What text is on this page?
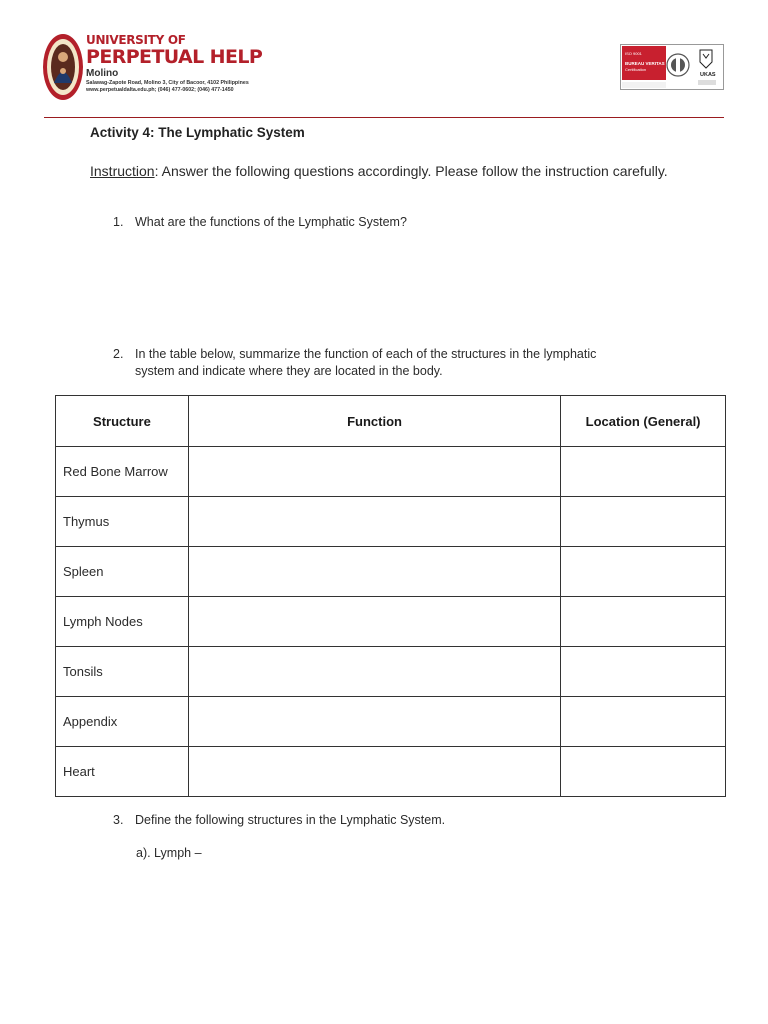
UNIVERSITY OF
PERPETUAL HELP
Molino
Salawag-Zapote Road, Molino 3, City of Bacoor, 4102 Philippines
www.perpetualdalta.edu.ph; (046) 477-0602; (046) 477-1450
ISO 9001
BUREAU VERITAS
Certification
UKAS
Activity 4: The Lymphatic System
Instruction: Answer the following questions accordingly. Please follow the instruction carefully.
1. What are the functions of the Lymphatic System?
2. In the table below, summarize the function of each of the structures in the lymphatic
system and indicate where they are located in the body.
Structure	Function	Location (General)
Red Bone Marrow		
Thymus		
Spleen		
Lymph Nodes		
Tonsils		
Appendix		
Heart		
3. Define the following structures in the Lymphatic System.
a). Lymph –
